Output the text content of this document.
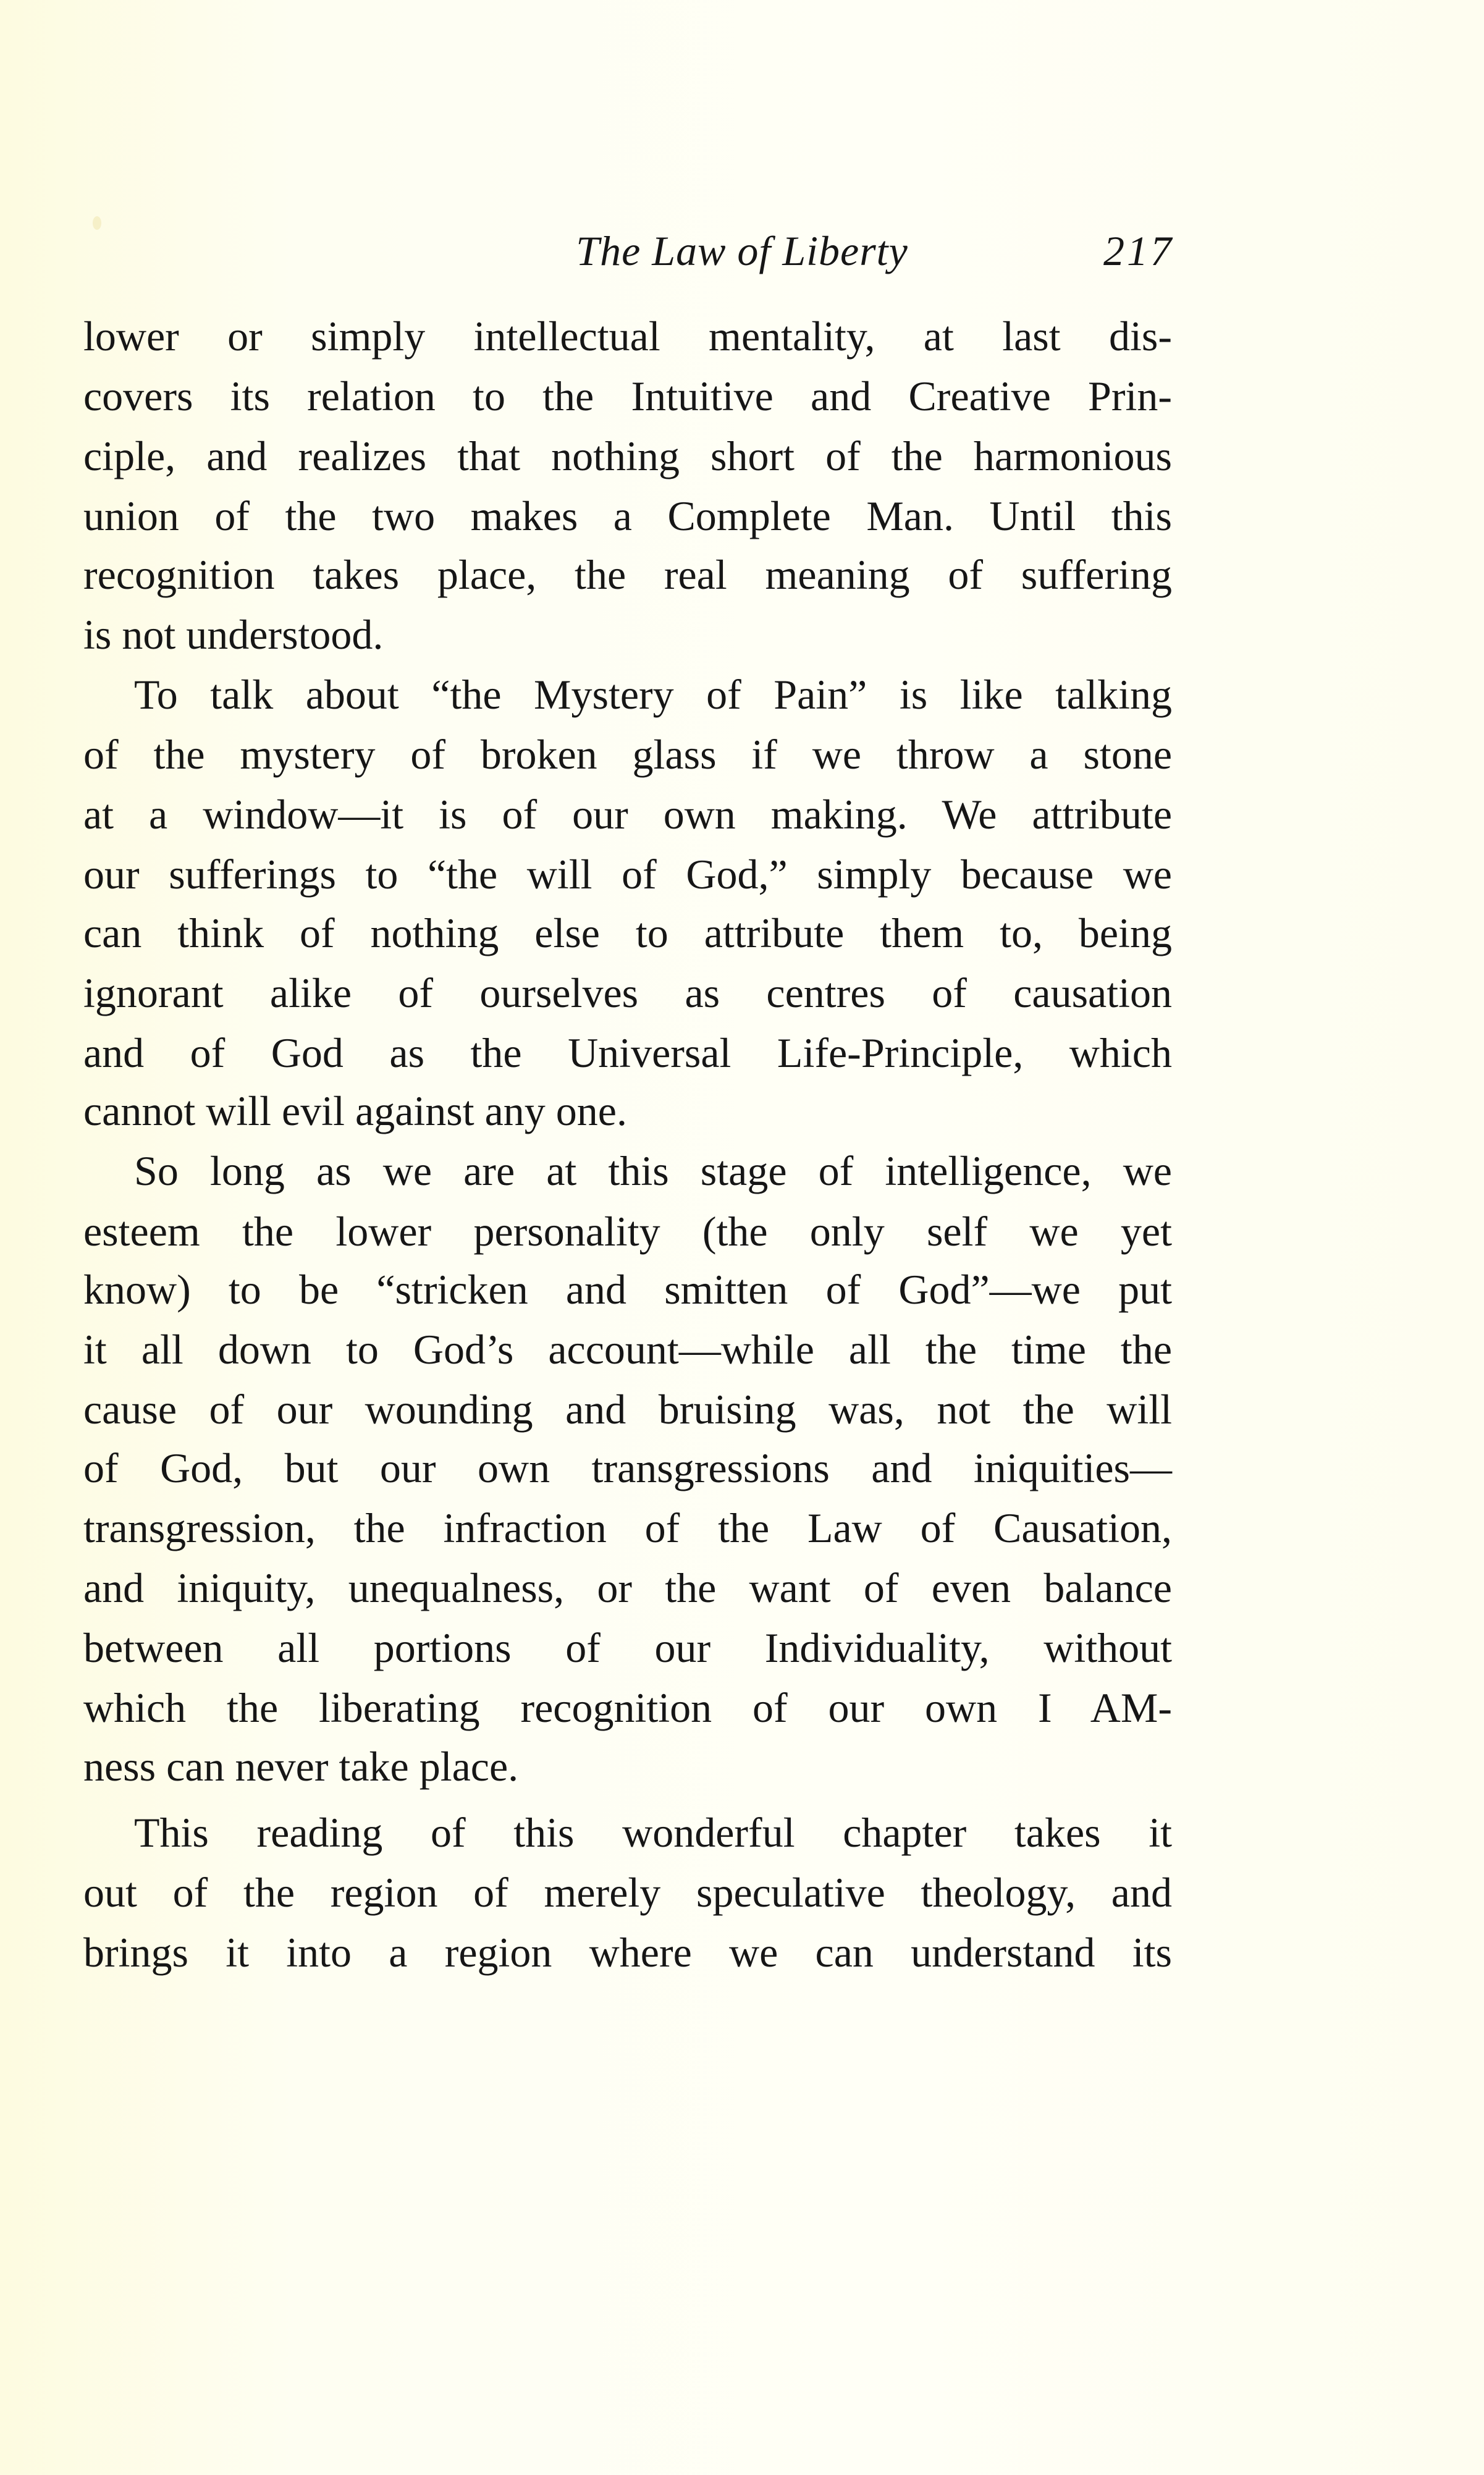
The Law of Liberty	217
lower or simply intellectual mentality, at last dis-
covers its relation to the Intuitive and Creative Prin-
ciple, and realizes that nothing short of the harmonious
union of the two makes a Complete Man. Until this
recognition takes place, the real meaning of suffering
is not understood.
To talk about “the Mystery of Pain” is like talking
of the mystery of broken glass if we throw a stone
at a window—it is of our own making. We attribute
our sufferings to “the will of God,” simply because we
can think of nothing else to attribute them to, being
ignorant alike of ourselves as centres of causation
and of God as the Universal Life-Principle, which
cannot will evil against any one.
So long as we are at this stage of intelligence, we
esteem the lower personality (the only self we yet
know) to be “stricken and smitten of God”—we put
it all down to God’s account—while all the time the
cause of our wounding and bruising was, not the will
of God, but our own transgressions and iniquities—
transgression, the infraction of the Law of Causation,
and iniquity, unequalness, or the want of even balance
between all portions of our Individuality, without
which the liberating recognition of our own I AM-
ness can never take place.
This reading of this wonderful chapter takes it
out of the region of merely speculative theology, and
brings it into a region where we can understand its
